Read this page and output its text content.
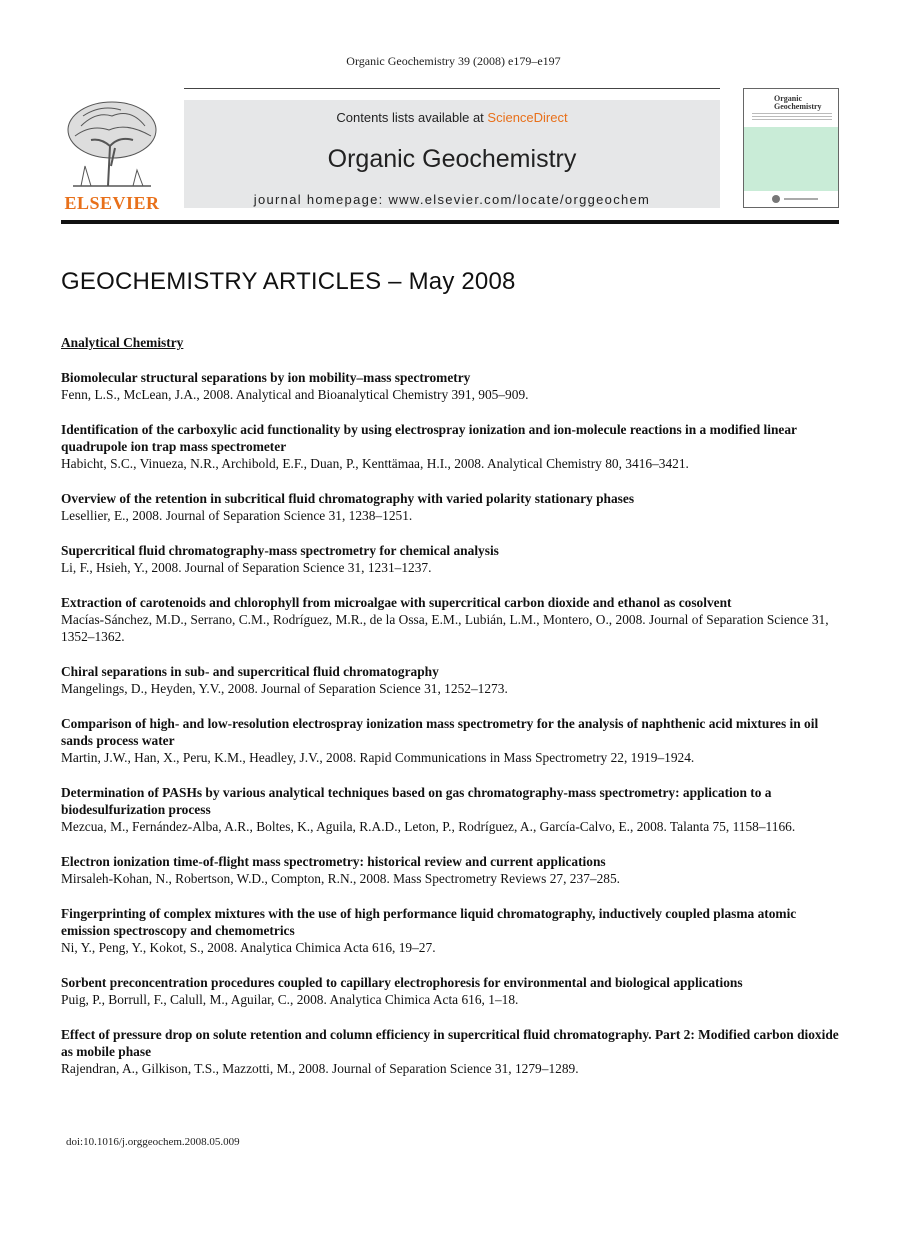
Organic Geochemistry 39 (2008) e179–e197
ELSEVIER
Contents lists available at ScienceDirect
Organic Geochemistry
journal homepage: www.elsevier.com/locate/orggeochem
Organic Geochemistry
GEOCHEMISTRY ARTICLES – May 2008
Analytical Chemistry
Biomolecular structural separations by ion mobility–mass spectrometry
Fenn, L.S., McLean, J.A., 2008. Analytical and Bioanalytical Chemistry 391, 905–909.
Identification of the carboxylic acid functionality by using electrospray ionization and ion-molecule reactions in a modified linear quadrupole ion trap mass spectrometer
Habicht, S.C., Vinueza, N.R., Archibold, E.F., Duan, P., Kenttämaa, H.I., 2008. Analytical Chemistry 80, 3416–3421.
Overview of the retention in subcritical fluid chromatography with varied polarity stationary phases
Lesellier, E., 2008. Journal of Separation Science 31, 1238–1251.
Supercritical fluid chromatography-mass spectrometry for chemical analysis
Li, F., Hsieh, Y., 2008. Journal of Separation Science 31, 1231–1237.
Extraction of carotenoids and chlorophyll from microalgae with supercritical carbon dioxide and ethanol as cosolvent
Macías-Sánchez, M.D., Serrano, C.M., Rodríguez, M.R., de la Ossa, E.M., Lubián, L.M., Montero, O., 2008. Journal of Separation Science 31, 1352–1362.
Chiral separations in sub- and supercritical fluid chromatography
Mangelings, D., Heyden, Y.V., 2008. Journal of Separation Science 31, 1252–1273.
Comparison of high- and low-resolution electrospray ionization mass spectrometry for the analysis of naphthenic acid mixtures in oil sands process water
Martin, J.W., Han, X., Peru, K.M., Headley, J.V., 2008. Rapid Communications in Mass Spectrometry 22, 1919–1924.
Determination of PASHs by various analytical techniques based on gas chromatography-mass spectrometry: application to a biodesulfurization process
Mezcua, M., Fernández-Alba, A.R., Boltes, K., Aguila, R.A.D., Leton, P., Rodríguez, A., García-Calvo, E., 2008. Talanta 75, 1158–1166.
Electron ionization time-of-flight mass spectrometry: historical review and current applications
Mirsaleh-Kohan, N., Robertson, W.D., Compton, R.N., 2008. Mass Spectrometry Reviews 27, 237–285.
Fingerprinting of complex mixtures with the use of high performance liquid chromatography, inductively coupled plasma atomic emission spectroscopy and chemometrics
Ni, Y., Peng, Y., Kokot, S., 2008. Analytica Chimica Acta 616, 19–27.
Sorbent preconcentration procedures coupled to capillary electrophoresis for environmental and biological applications
Puig, P., Borrull, F., Calull, M., Aguilar, C., 2008. Analytica Chimica Acta 616, 1–18.
Effect of pressure drop on solute retention and column efficiency in supercritical fluid chromatography. Part 2: Modified carbon dioxide as mobile phase
Rajendran, A., Gilkison, T.S., Mazzotti, M., 2008. Journal of Separation Science 31, 1279–1289.
doi:10.1016/j.orggeochem.2008.05.009
